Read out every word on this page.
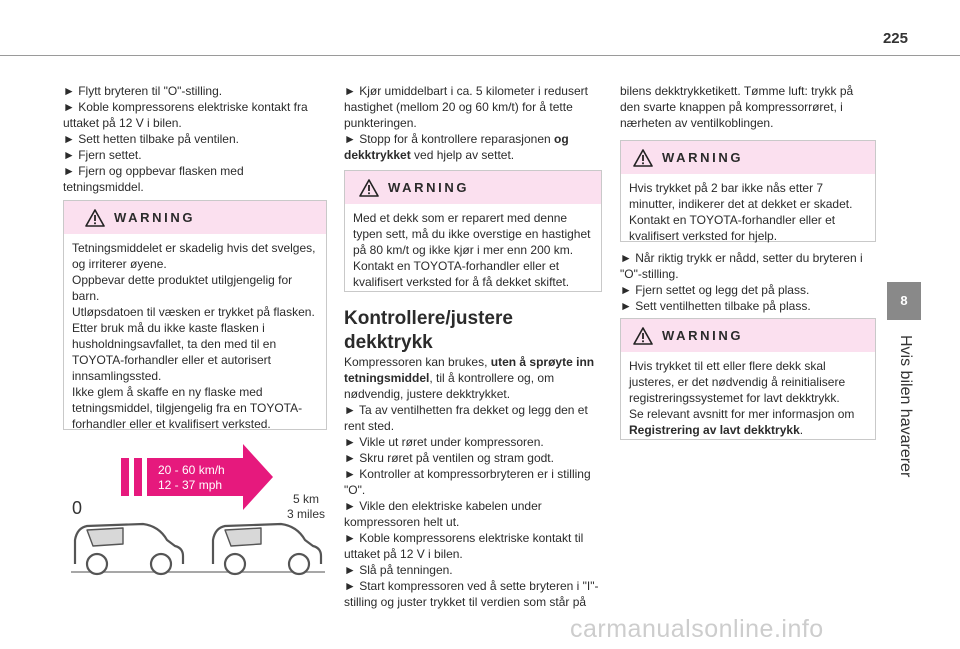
225
8
Hvis bilen havarerer

► Flytt bryteren til "O"-stilling.

► Koble kompressorens elektriske kontakt fra uttaket på 12 V i bilen.

► Sett hetten tilbake på ventilen.

► Fjern settet.

► Fjern og oppbevar flasken med tetningsmiddel.

WARNING

Tetningsmiddelet er skadelig hvis det svelges, og irriterer øyene.

Oppbevar dette produktet utilgjengelig for barn.

Utløpsdatoen til væsken er trykket på flasken.

Etter bruk må du ikke kaste flasken i husholdningsavfallet, ta den med til en TOYOTA-forhandler eller et autorisert innsamlingssted.

Ikke glem å skaffe en ny flaske med tetningsmiddel, tilgjengelig fra en TOYOTA-forhandler eller et kvalifisert verksted.

20 - 60 km/h
12 - 37 mph
0	5 km
3 miles

► Kjør umiddelbart i ca. 5 kilometer i redusert hastighet (mellom 20 og 60 km/t) for å tette punkteringen.

► Stopp for å kontrollere reparasjonen og dekktrykket ved hjelp av settet.

WARNING

Med et dekk som er reparert med denne typen sett, må du ikke overstige en hastighet på 80 km/t og ikke kjør i mer enn 200 km. Kontakt en TOYOTA-forhandler eller et kvalifisert verksted for å få dekket skiftet.

Kontrollere/justere dekktrykk

Kompressoren kan brukes, uten å sprøyte inn tetningsmiddel, til å kontrollere og, om nødvendig, justere dekktrykket.

► Ta av ventilhetten fra dekket og legg den et rent sted.

► Vikle ut røret under kompressoren.

► Skru røret på ventilen og stram godt.

► Kontroller at kompressorbryteren er i stilling "O".

► Vikle den elektriske kabelen under kompressoren helt ut.

► Koble kompressorens elektriske kontakt til uttaket på 12 V i bilen.

► Slå på tenningen.

► Start kompressoren ved å sette bryteren i "I"-stilling og juster trykket til verdien som står på

bilens dekktrykketikett. Tømme luft: trykk på den svarte knappen på kompressorrøret, i nærheten av ventilkoblingen.

WARNING

Hvis trykket på 2 bar ikke nås etter 7 minutter, indikerer det at dekket er skadet. Kontakt en TOYOTA-forhandler eller et kvalifisert verksted for hjelp.

► Når riktig trykk er nådd, setter du bryteren i "O"-stilling.

► Fjern settet og legg det på plass.

► Sett ventilhetten tilbake på plass.

WARNING

Hvis trykket til ett eller flere dekk skal justeres, er det nødvendig å reinitialisere registreringssystemet for lavt dekktrykk.

Se relevant avsnitt for mer informasjon om Registrering av lavt dekktrykk.

carmanualsonline.info
